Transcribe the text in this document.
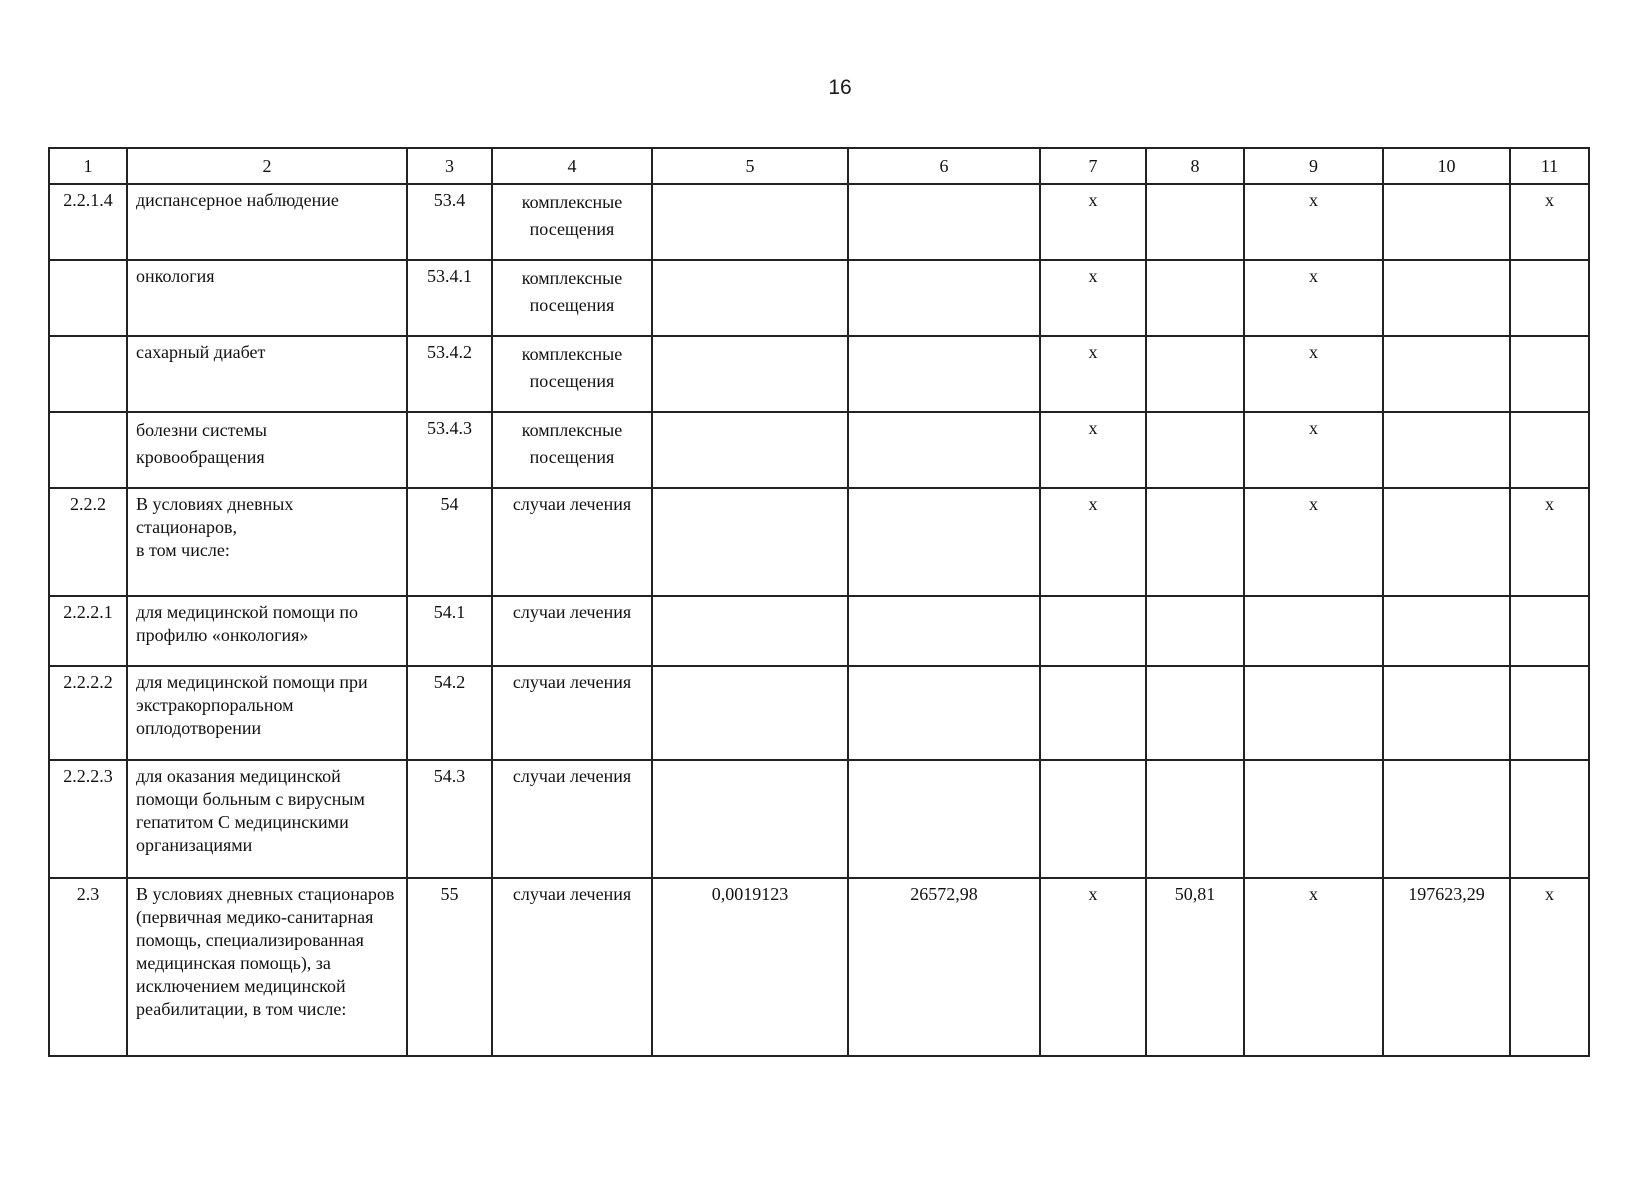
16
1	2	3	4	5	6	7	8	9	10	11
2.2.1.4	диспансерное наблюдение	53.4	комплексные посещения			х		х		х
	онкология	53.4.1	комплексные посещения			х		х		
	сахарный диабет	53.4.2	комплексные посещения			х		х		
	болезни системы кровообращения	53.4.3	комплексные посещения			х		х		
2.2.2	В условиях дневных стационаров,
в том числе:	54	случаи лечения			х		х		х
2.2.2.1	для медицинской помощи по профилю «онкология»	54.1	случаи лечения							
2.2.2.2	для медицинской помощи при экстракорпоральном оплодотворении	54.2	случаи лечения							
2.2.2.3	для оказания медицинской помощи больным с вирусным гепатитом С медицинскими организациями	54.3	случаи лечения							
2.3	В условиях дневных стационаров (первичная медико-санитарная помощь, специализированная медицинская помощь), за исключением медицинской реабилитации, в том числе:	55	случаи лечения	0,0019123	26572,98	х	50,81	х	197623,29	х
